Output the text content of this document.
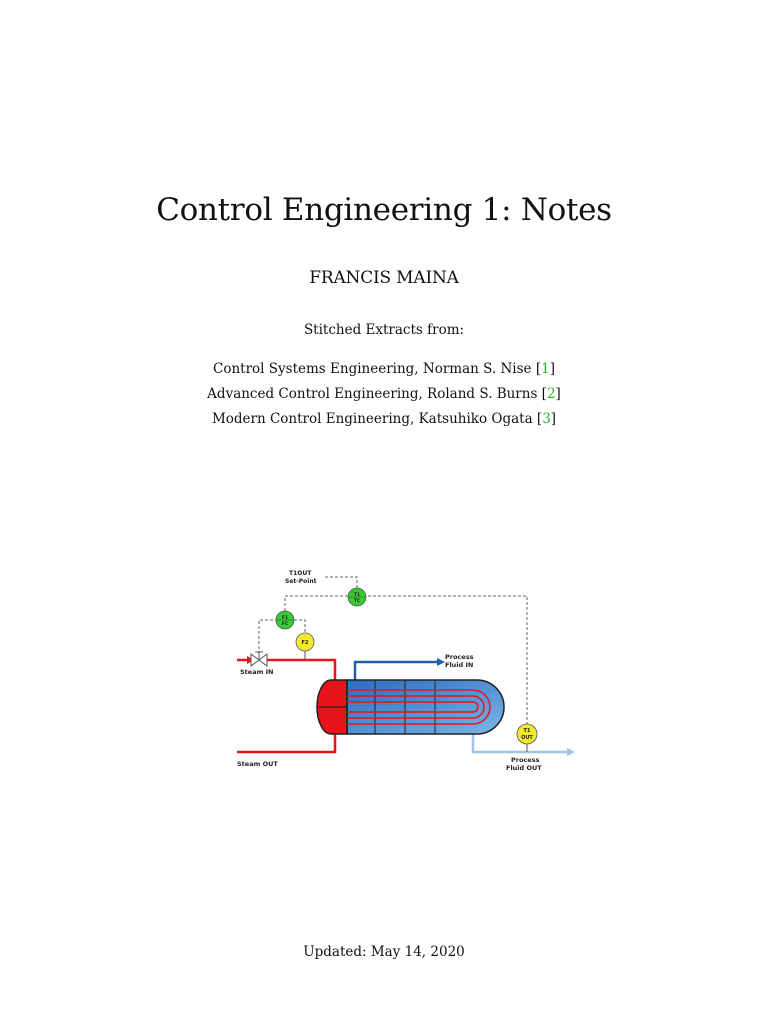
Control Engineering 1: Notes
FRANCIS MAINA
Stitched Extracts from:
Control Systems Engineering, Norman S. Nise [1]
Advanced Control Engineering, Roland S. Burns [2]
Modern Control Engineering, Katsuhiko Ogata [3]
T1OUT
Set-Point
T1
TC
F1
FC
F2
T1
OUT
Steam IN
Steam OUT
Process
Fluid IN
Process
Fluid OUT
Updated: May 14, 2020
